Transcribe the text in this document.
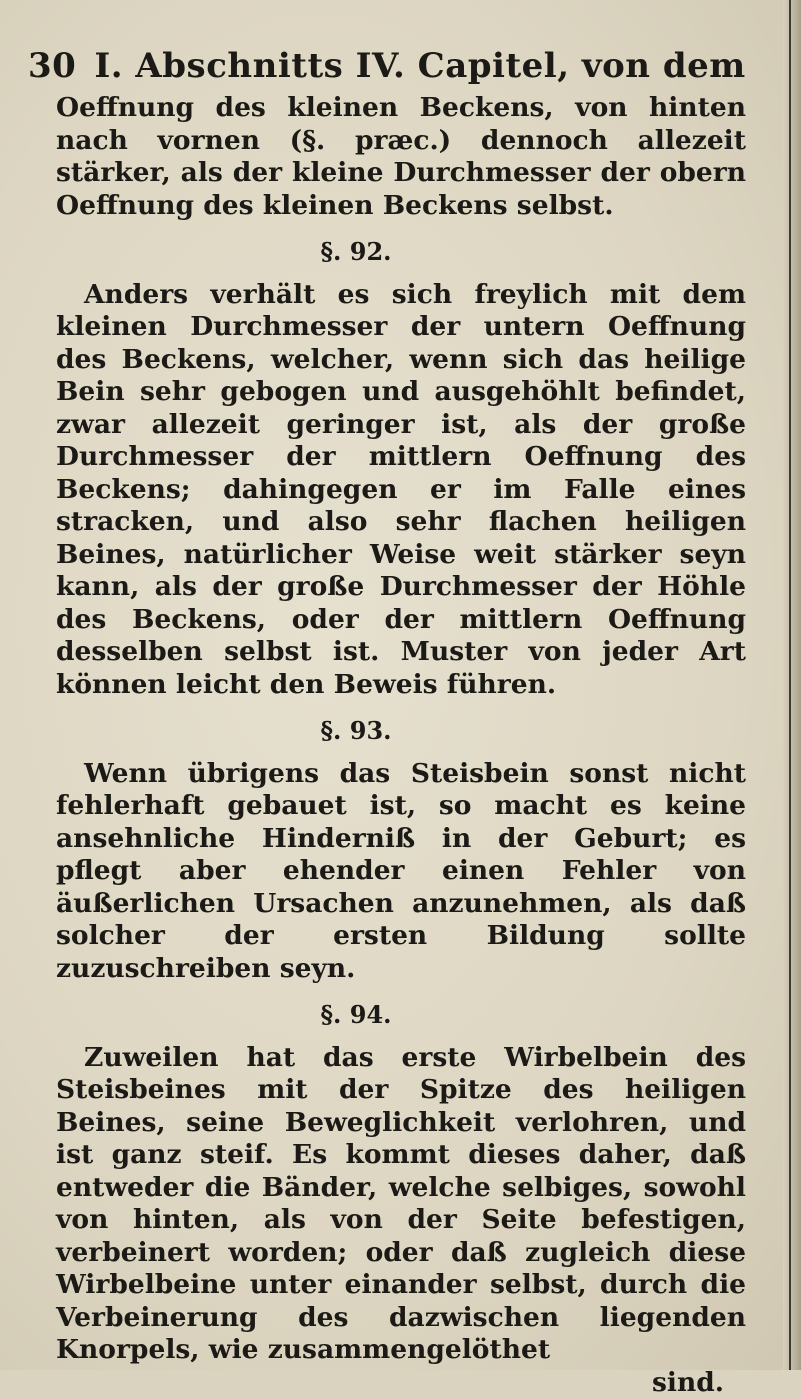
30 I. Abschnitts IV. Capitel, von dem

Oeffnung des kleinen Beckens, von hinten nach vornen (§. præc.) dennoch allezeit stärker, als der kleine Durchmesser der obern Oeffnung des kleinen Beckens selbst.

§. 92.

Anders verhält es sich freylich mit dem kleinen Durchmesser der untern Oeffnung des Beckens, welcher, wenn sich das heilige Bein sehr gebogen und ausgehöhlt befindet, zwar allezeit geringer ist, als der große Durchmesser der mittlern Oeffnung des Beckens; dahingegen er im Falle eines stracken, und also sehr flachen heiligen Beines, natürlicher Weise weit stärker seyn kann, als der große Durchmesser der Höhle des Beckens, oder der mittlern Oeffnung desselben selbst ist. Muster von jeder Art können leicht den Beweis führen.

§. 93.

Wenn übrigens das Steisbein sonst nicht fehlerhaft gebauet ist, so macht es keine ansehnliche Hinderniß in der Geburt; es pflegt aber ehender einen Fehler von äußerlichen Ursachen anzunehmen, als daß solcher der ersten Bildung sollte zuzuschreiben seyn.

§. 94.

Zuweilen hat das erste Wirbelbein des Steisbeines mit der Spitze des heiligen Beines, seine Beweglichkeit verlohren, und ist ganz steif. Es kommt dieses daher, daß entweder die Bänder, welche selbiges, sowohl von hinten, als von der Seite befestigen, verbeinert worden; oder daß zugleich diese Wirbelbeine unter einander selbst, durch die Verbeinerung des dazwischen liegenden Knorpels, wie zusammengelöthet

sind.
